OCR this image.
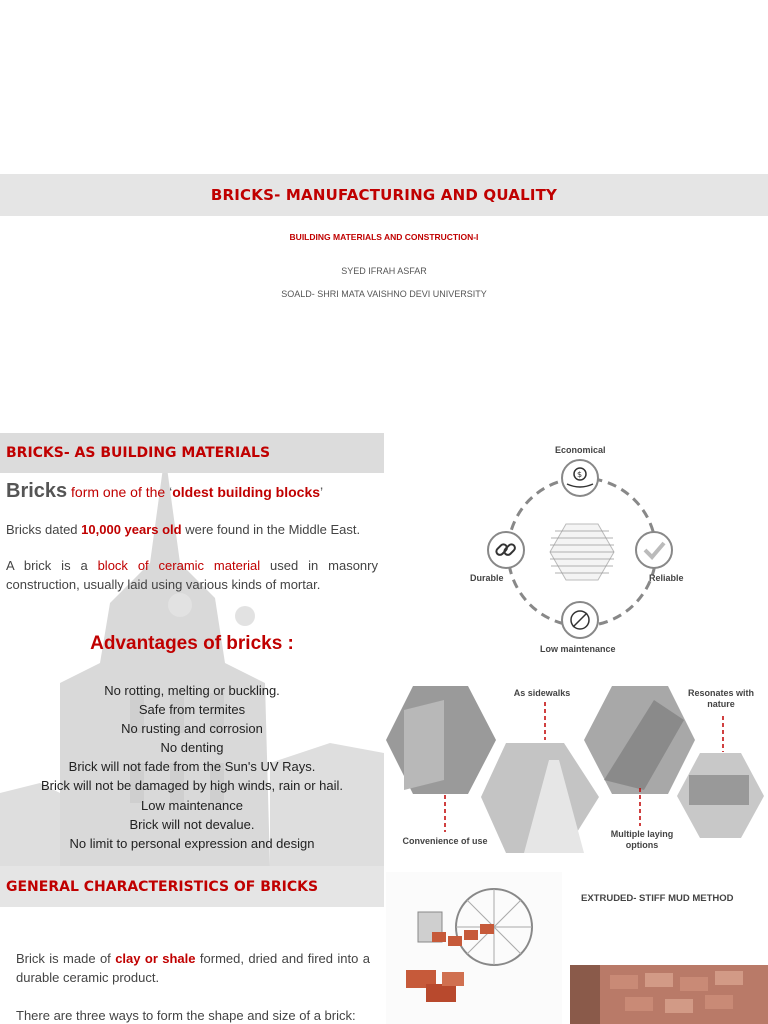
BRICKS- MANUFACTURING AND QUALITY
BUILDING MATERIALS AND CONSTRUCTION-I
SYED IFRAH ASFAR
SOALD- SHRI MATA VAISHNO DEVI UNIVERSITY
BRICKS- AS BUILDING MATERIALS
Bricks form one of the ‘oldest building blocks’

Bricks dated 10,000 years old were found in the Middle East.

A brick is a block of ceramic material used in masonry construction, usually laid using various kinds of mortar.

Advantages of bricks :
No rotting, melting or buckling.
Safe from termites
No rusting and corrosion
No denting
Brick will not fade from the Sun's UV Rays.
Brick will not be damaged by high winds, rain or hail.
Low maintenance
Brick will not devalue.
No limit to personal expression and design
$
Economical
Durable	Reliable
Low maintenance
As sidewalks	Resonates with nature
Convenience of use
Multiple laying options
GENERAL CHARACTERISTICS OF BRICKS

Brick is made of clay or shale formed, dried and fired into a durable ceramic product.

There are three ways to form the shape and size of a brick:

EXTRUDED- STIFF MUD METHOD
